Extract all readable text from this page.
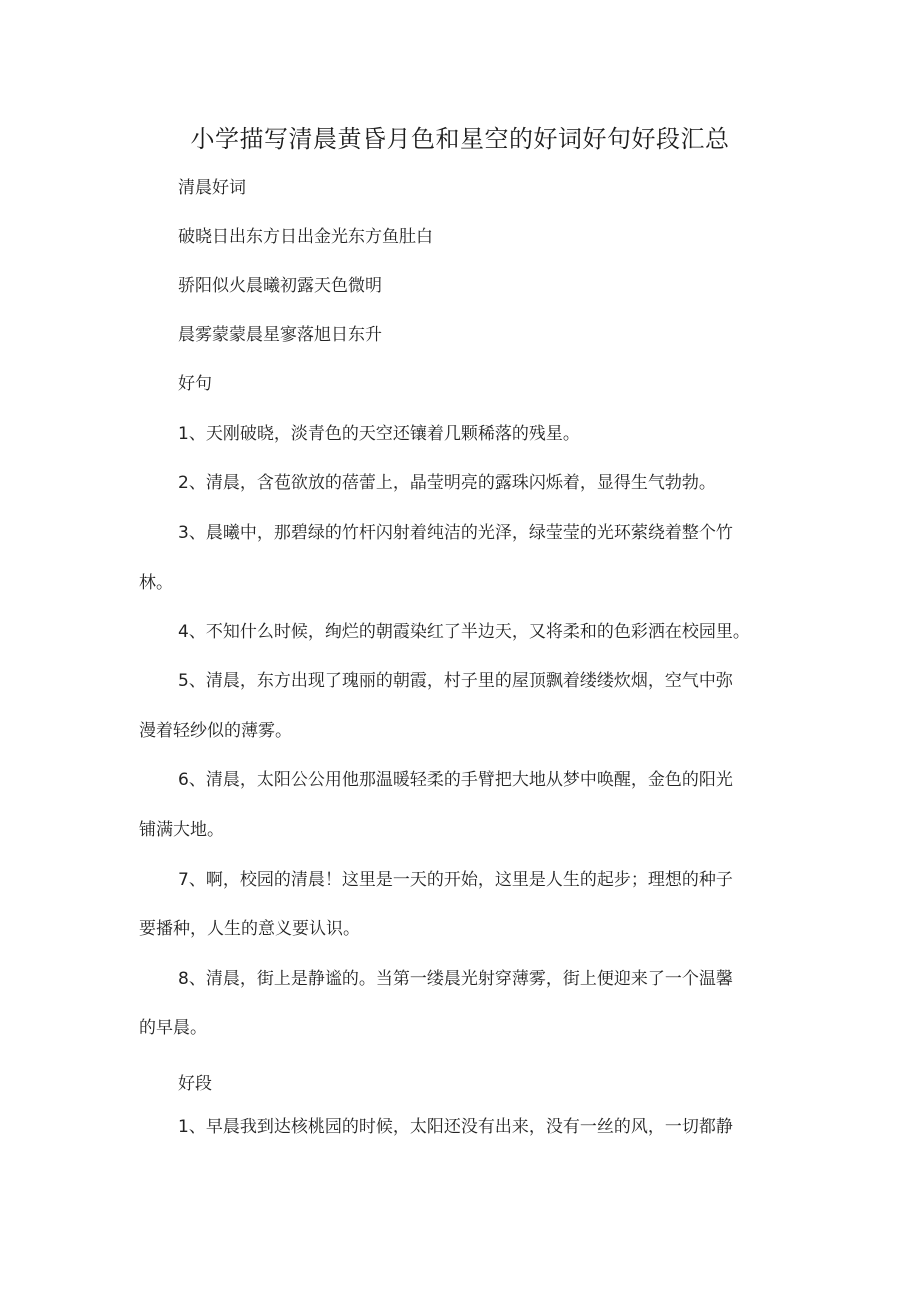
小学描写清晨黄昏月色和星空的好词好句好段汇总

清晨好词

破晓日出东方日出金光东方鱼肚白

骄阳似火晨曦初露天色微明

晨雾蒙蒙晨星寥落旭日东升

好句

1、天刚破晓，淡青色的天空还镶着几颗稀落的残星。

2、清晨，含苞欲放的蓓蕾上，晶莹明亮的露珠闪烁着，显得生气勃勃。

3、晨曦中，那碧绿的竹杆闪射着纯洁的光泽，绿莹莹的光环萦绕着整个竹

林。

4、不知什么时候，绚烂的朝霞染红了半边天，又将柔和的色彩洒在校园里。

5、清晨，东方出现了瑰丽的朝霞，村子里的屋顶飘着缕缕炊烟，空气中弥

漫着轻纱似的薄雾。

6、清晨，太阳公公用他那温暖轻柔的手臂把大地从梦中唤醒，金色的阳光

铺满大地。

7、啊，校园的清晨！这里是一天的开始，这里是人生的起步；理想的种子

要播种，人生的意义要认识。

8、清晨，街上是静谧的。当第一缕晨光射穿薄雾，街上便迎来了一个温馨

的早晨。

好段

1、早晨我到达核桃园的时候，太阳还没有出来，没有一丝的风，一切都静
